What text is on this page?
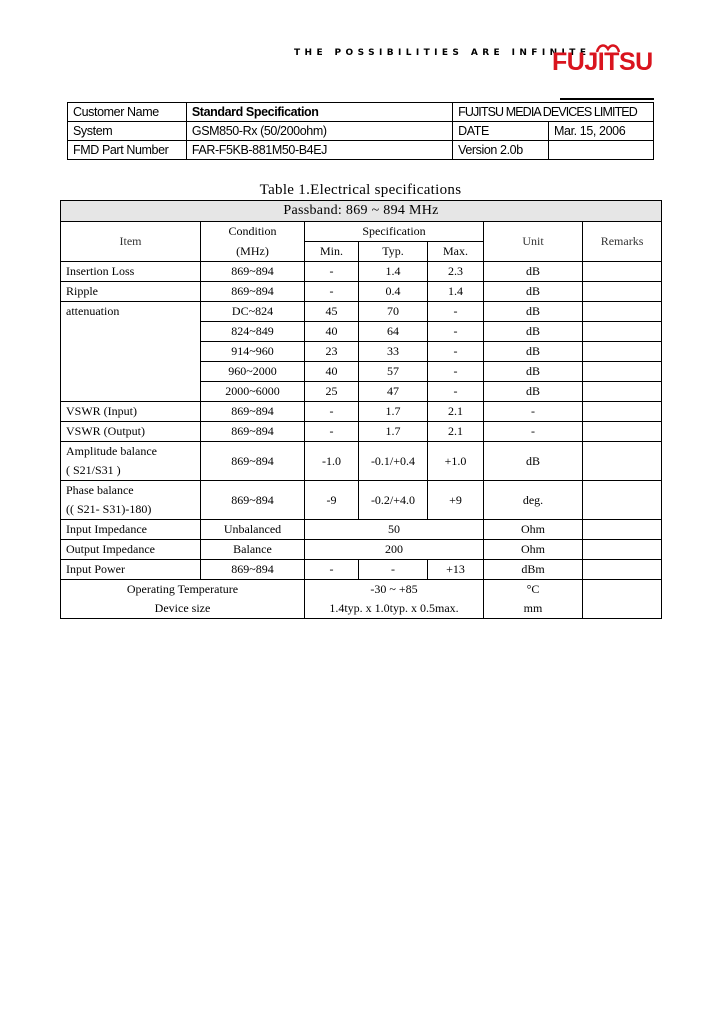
THE POSSIBILITIES ARE INFINITE
FUJITSU
Customer Name	Standard Specification	FUJITSU MEDIA DEVICES LIMITED	
System	GSM850-Rx (50/200ohm)	DATE	Mar. 15, 2006
FMD Part Number	FAR-F5KB-881M50-B4EJ	Version 2.0b	
Table 1.Electrical specifications
Passband: 869 ~ 894 MHz						
Item	Condition	Specification			Unit	Remarks
	(MHz)	Min.	Typ.	Max.		
Insertion Loss	869~894	-	1.4	2.3	dB	
Ripple	869~894	-	0.4	1.4	dB	
attenuation	DC~824	45	70	-	dB	
	824~849	40	64	-	dB	
	914~960	23	33	-	dB	
	960~2000	40	57	-	dB	
	2000~6000	25	47	-	dB	
VSWR (Input)	869~894	-	1.7	2.1	-	
VSWR (Output)	869~894	-	1.7	2.1	-	

Amplitude balance
( S21/S31 )	869~894	-1.0	-0.1/+0.4	+1.0	dB	

Phase balance
(( S21- S31)-180)	869~894	-9	-0.2/+4.0	+9	deg.	
Input Impedance	Unbalanced	50			Ohm	
Output Impedance	Balance	200			Ohm	
Input Power	869~894	-	-	+13	dBm	
Operating Temperature		-30 ~ +85			°C	
Device size		1.4typ. x 1.0typ. x 0.5max.			mm	
